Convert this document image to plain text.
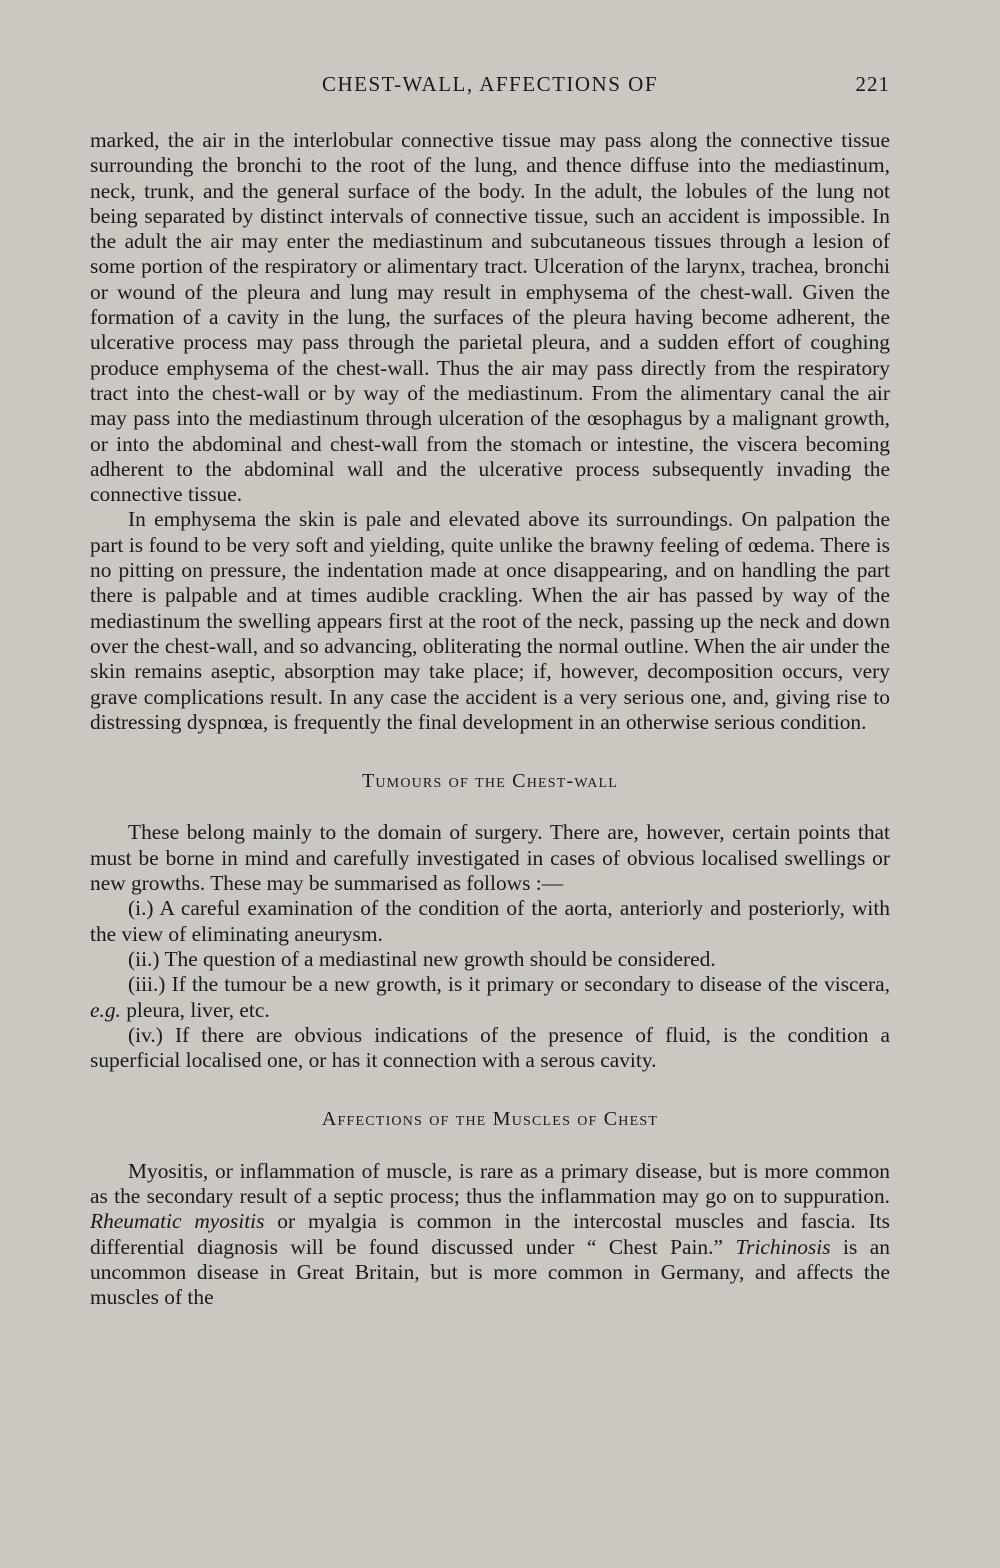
CHEST-WALL, AFFECTIONS OF	221

marked, the air in the interlobular connective tissue may pass along the connective tissue surrounding the bronchi to the root of the lung, and thence diffuse into the mediastinum, neck, trunk, and the general surface of the body. In the adult, the lobules of the lung not being separated by distinct intervals of connective tissue, such an accident is impossible. In the adult the air may enter the mediastinum and subcutaneous tissues through a lesion of some portion of the respiratory or alimentary tract. Ulceration of the larynx, trachea, bronchi or wound of the pleura and lung may result in emphysema of the chest-wall. Given the formation of a cavity in the lung, the surfaces of the pleura having become adherent, the ulcerative process may pass through the parietal pleura, and a sudden effort of coughing produce emphysema of the chest-wall. Thus the air may pass directly from the respiratory tract into the chest-wall or by way of the mediastinum. From the alimentary canal the air may pass into the mediastinum through ulceration of the œsophagus by a malignant growth, or into the abdominal and chest-wall from the stomach or intestine, the viscera becoming adherent to the abdominal wall and the ulcerative process subsequently invading the connective tissue.

In emphysema the skin is pale and elevated above its surroundings. On palpation the part is found to be very soft and yielding, quite unlike the brawny feeling of œdema. There is no pitting on pressure, the indentation made at once disappearing, and on handling the part there is palpable and at times audible crackling. When the air has passed by way of the mediastinum the swelling appears first at the root of the neck, passing up the neck and down over the chest-wall, and so advancing, obliterating the normal outline. When the air under the skin remains aseptic, absorption may take place; if, however, decomposition occurs, very grave complications result. In any case the accident is a very serious one, and, giving rise to distressing dyspnœa, is frequently the final development in an otherwise serious condition.

Tumours of the Chest-wall

These belong mainly to the domain of surgery. There are, however, certain points that must be borne in mind and carefully investigated in cases of obvious localised swellings or new growths. These may be summarised as follows :—

(i.) A careful examination of the condition of the aorta, anteriorly and posteriorly, with the view of eliminating aneurysm.

(ii.) The question of a mediastinal new growth should be considered.

(iii.) If the tumour be a new growth, is it primary or secondary to disease of the viscera, e.g. pleura, liver, etc.

(iv.) If there are obvious indications of the presence of fluid, is the condition a superficial localised one, or has it connection with a serous cavity.

Affections of the Muscles of Chest

Myositis, or inflammation of muscle, is rare as a primary disease, but is more common as the secondary result of a septic process; thus the inflammation may go on to suppuration. Rheumatic myositis or myalgia is common in the intercostal muscles and fascia. Its differential diagnosis will be found discussed under “ Chest Pain.” Trichinosis is an uncommon disease in Great Britain, but is more common in Germany, and affects the muscles of the
